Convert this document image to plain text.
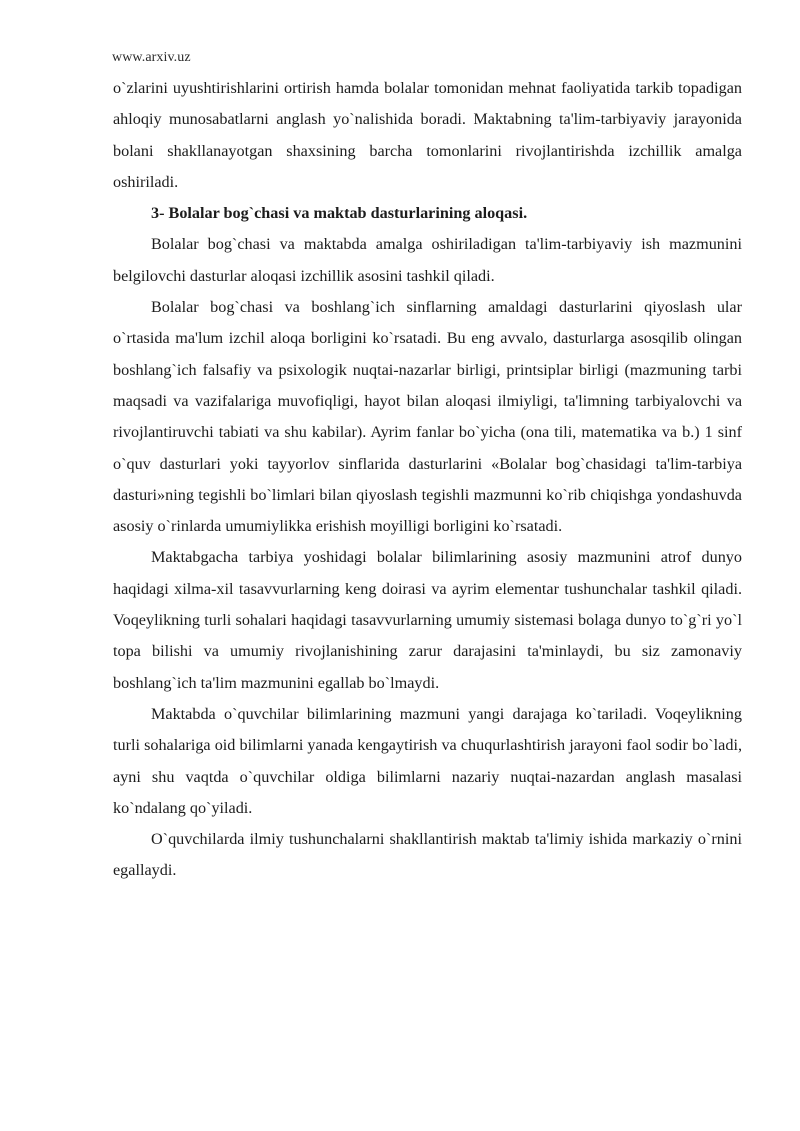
www.arxiv.uz

o`zlarini uyushtirishlarini ortirish hamda bolalar tomonidan mehnat faoliyatida tarkib topadigan ahloqiy munosabatlarni anglash yo`nalishida boradi. Maktabning ta'lim-tarbiyaviy jarayonida bolani shakllanayotgan shaxsining barcha tomonlarini rivojlantirishda izchillik amalga oshiriladi.

3- Bolalar bog`chasi va maktab dasturlarining aloqasi.

Bolalar bog`chasi va maktabda amalga oshiriladigan ta'lim-tarbiyaviy ish mazmunini belgilovchi dasturlar aloqasi izchillik asosini tashkil qiladi.

Bolalar bog`chasi va boshlang`ich sinflarning amaldagi dasturlarini qiyoslash ular o`rtasida ma'lum izchil aloqa borligini ko`rsatadi. Bu eng avvalo, dasturlarga asosqilib olingan boshlang`ich falsafiy va psixologik nuqtai-nazarlar birligi, printsiplar birligi (mazmuning tarbi maqsadi va vazifalariga muvofiqligi, hayot bilan aloqasi ilmiyligi, ta'limning tarbiyalovchi va rivojlantiruvchi tabiati va shu kabilar). Ayrim fanlar bo`yicha (ona tili, matematika va b.) 1 sinf o`quv dasturlari yoki tayyorlov sinflarida dasturlarini «Bolalar bog`chasidagi ta'lim-tarbiya dasturi»ning tegishli bo`limlari bilan qiyoslash tegishli mazmunni ko`rib chiqishga yondashuvda asosiy o`rinlarda umumiylikka erishish moyilligi borligini ko`rsatadi.

Maktabgacha tarbiya yoshidagi bolalar bilimlarining asosiy mazmunini atrof dunyo haqidagi xilma-xil tasavvurlarning keng doirasi va ayrim elementar tushunchalar tashkil qiladi. Voqeylikning turli sohalari haqidagi tasavvurlarning umumiy sistemasi bolaga dunyo to`g`ri yo`l topa bilishi va umumiy rivojlanishining zarur darajasini ta'minlaydi, bu siz zamonaviy boshlang`ich ta'lim mazmunini egallab bo`lmaydi.

Maktabda o`quvchilar bilimlarining mazmuni yangi darajaga ko`tariladi. Voqeylikning turli sohalariga oid bilimlarni yanada kengaytirish va chuqurlashtirish jarayoni faol sodir bo`ladi, ayni shu vaqtda o`quvchilar oldiga bilimlarni nazariy nuqtai-nazardan anglash masalasi ko`ndalang qo`yiladi.

O`quvchilarda ilmiy tushunchalarni shakllantirish maktab ta'limiy ishida markaziy o`rnini egallaydi.
